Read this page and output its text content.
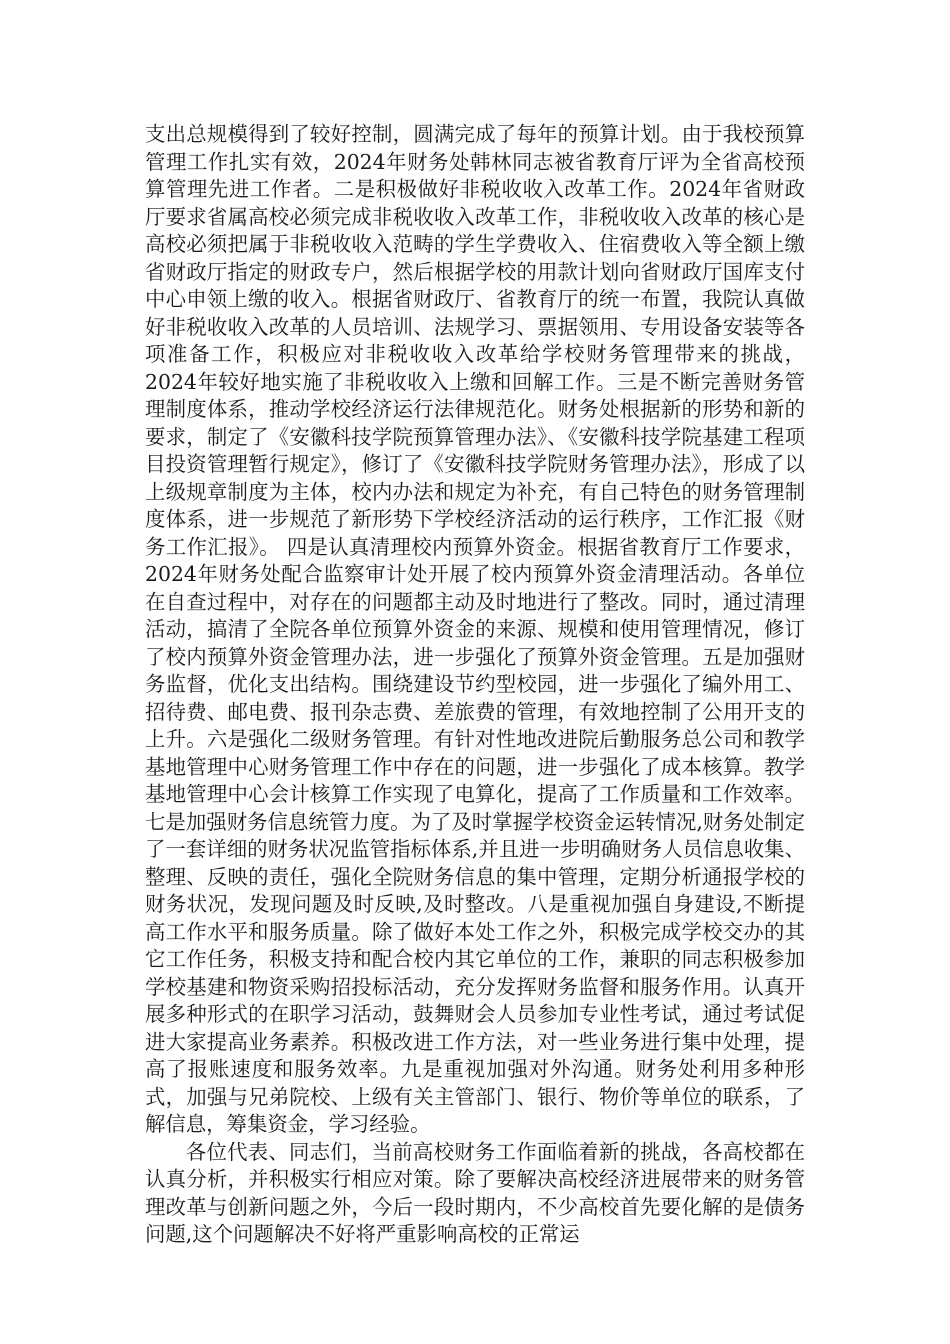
支出总规模得到了较好控制，圆满完成了每年的预算计划。由于我校预算管理工作扎实有效，2024年财务处韩林同志被省教育厅评为全省高校预算管理先进工作者。二是积极做好非税收收入改革工作。2024年省财政厅要求省属高校必须完成非税收收入改革工作，非税收收入改革的核心是高校必须把属于非税收收入范畴的学生学费收入、住宿费收入等全额上缴省财政厅指定的财政专户，然后根据学校的用款计划向省财政厅国库支付中心申领上缴的收入。根据省财政厅、省教育厅的统一布置，我院认真做好非税收收入改革的人员培训、法规学习、票据领用、专用设备安装等各项准备工作，积极应对非税收收入改革给学校财务管理带来的挑战，2024年较好地实施了非税收收入上缴和回解工作。三是不断完善财务管理制度体系，推动学校经济运行法律规范化。财务处根据新的形势和新的要求，制定了《安徽科技学院预算管理办法》、《安徽科技学院基建工程项目投资管理暂行规定》，修订了《安徽科技学院财务管理办法》，形成了以上级规章制度为主体，校内办法和规定为补充，有自己特色的财务管理制度体系，进一步规范了新形势下学校经济活动的运行秩序，工作汇报《财务工作汇报》。 四是认真清理校内预算外资金。根据省教育厅工作要求，2024年财务处配合监察审计处开展了校内预算外资金清理活动。各单位在自查过程中，对存在的问题都主动及时地进行了整改。同时，通过清理活动，搞清了全院各单位预算外资金的来源、规模和使用管理情况，修订了校内预算外资金管理办法，进一步强化了预算外资金管理。五是加强财务监督，优化支出结构。围绕建设节约型校园，进一步强化了编外用工、招待费、邮电费、报刊杂志费、差旅费的管理，有效地控制了公用开支的上升。六是强化二级财务管理。有针对性地改进院后勤服务总公司和教学基地管理中心财务管理工作中存在的问题，进一步强化了成本核算。教学基地管理中心会计核算工作实现了电算化，提高了工作质量和工作效率。七是加强财务信息统管力度。为了及时掌握学校资金运转情况,财务处制定了一套详细的财务状况监管指标体系,并且进一步明确财务人员信息收集、整理、反映的责任，强化全院财务信息的集中管理，定期分析通报学校的财务状况，发现问题及时反映,及时整改。八是重视加强自身建设,不断提高工作水平和服务质量。除了做好本处工作之外，积极完成学校交办的其它工作任务，积极支持和配合校内其它单位的工作，兼职的同志积极参加学校基建和物资采购招投标活动，充分发挥财务监督和服务作用。认真开展多种形式的在职学习活动，鼓舞财会人员参加专业性考试，通过考试促进大家提高业务素养。积极改进工作方法，对一些业务进行集中处理，提高了报账速度和服务效率。九是重视加强对外沟通。财务处利用多种形式，加强与兄弟院校、上级有关主管部门、银行、物价等单位的联系，了解信息，筹集资金，学习经验。

各位代表、同志们，当前高校财务工作面临着新的挑战，各高校都在认真分析，并积极实行相应对策。除了要解决高校经济进展带来的财务管理改革与创新问题之外，今后一段时期内，不少高校首先要化解的是债务问题,这个问题解决不好将严重影响高校的正常运
